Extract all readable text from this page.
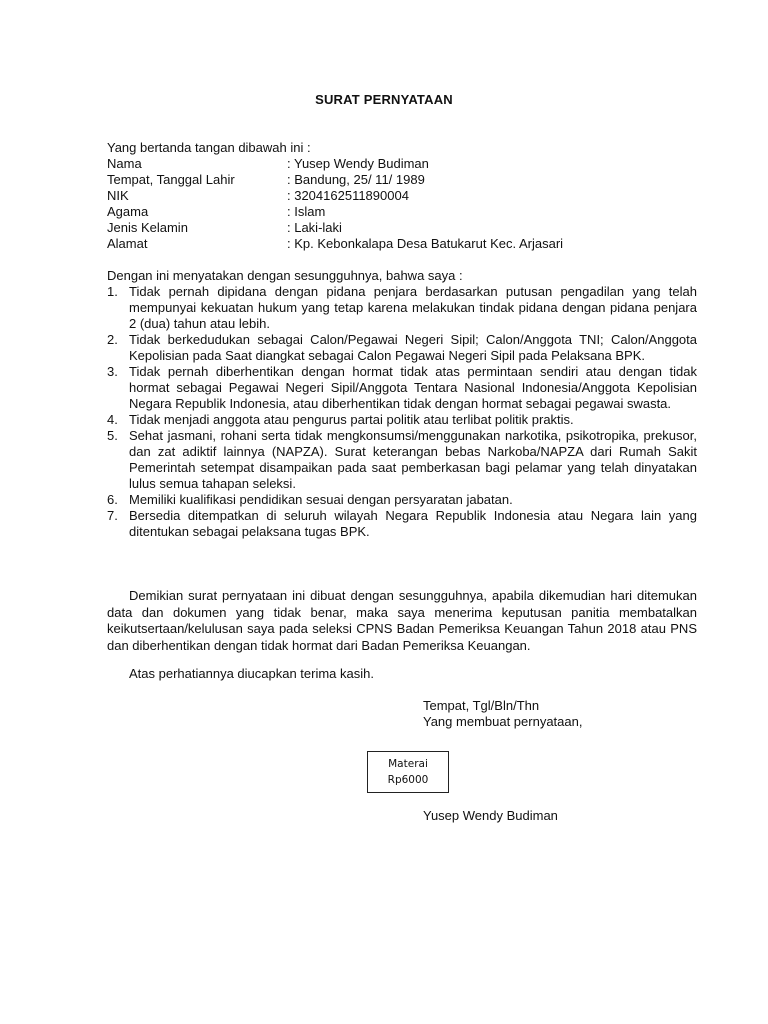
SURAT PERNYATAAN
Yang bertanda tangan dibawah ini :
Nama	: Yusep Wendy Budiman
Tempat, Tanggal Lahir	: Bandung, 25/ 11/ 1989
NIK	: 3204162511890004
Agama	: Islam
Jenis Kelamin	: Laki-laki
Alamat	: Kp. Kebonkalapa Desa Batukarut Kec. Arjasari
Dengan ini menyatakan dengan sesungguhnya, bahwa saya :
1. Tidak pernah dipidana dengan pidana penjara berdasarkan putusan pengadilan yang telah mempunyai kekuatan hukum yang tetap karena melakukan tindak pidana dengan pidana penjara 2 (dua) tahun atau lebih.
2. Tidak berkedudukan sebagai Calon/Pegawai Negeri Sipil; Calon/Anggota TNI; Calon/Anggota Kepolisian pada Saat diangkat sebagai Calon Pegawai Negeri Sipil pada Pelaksana BPK.
3. Tidak pernah diberhentikan dengan hormat tidak atas permintaan sendiri atau dengan tidak hormat sebagai Pegawai Negeri Sipil/Anggota Tentara Nasional Indonesia/Anggota Kepolisian Negara Republik Indonesia, atau diberhentikan tidak dengan hormat sebagai pegawai swasta.
4. Tidak menjadi anggota atau pengurus partai politik atau terlibat politik praktis.
5. Sehat jasmani, rohani serta tidak mengkonsumsi/menggunakan narkotika, psikotropika, prekusor, dan zat adiktif lainnya (NAPZA). Surat keterangan bebas Narkoba/NAPZA dari Rumah Sakit Pemerintah setempat disampaikan pada saat pemberkasan bagi pelamar yang telah dinyatakan lulus semua tahapan seleksi.
6. Memiliki kualifikasi pendidikan sesuai dengan persyaratan jabatan.
7. Bersedia ditempatkan di seluruh wilayah Negara Republik Indonesia atau Negara lain yang ditentukan sebagai pelaksana tugas BPK.
Demikian surat pernyataan ini dibuat dengan sesungguhnya, apabila dikemudian hari ditemukan data dan dokumen yang tidak benar, maka saya menerima keputusan panitia membatalkan keikutsertaan/kelulusan saya pada seleksi CPNS Badan Pemeriksa Keuangan Tahun 2018 atau PNS dan diberhentikan dengan tidak hormat dari Badan Pemeriksa Keuangan.
Atas perhatiannya diucapkan terima kasih.
Tempat, Tgl/Bln/Thn
Yang membuat pernyataan,
Materai
Rp6000
Yusep Wendy Budiman
